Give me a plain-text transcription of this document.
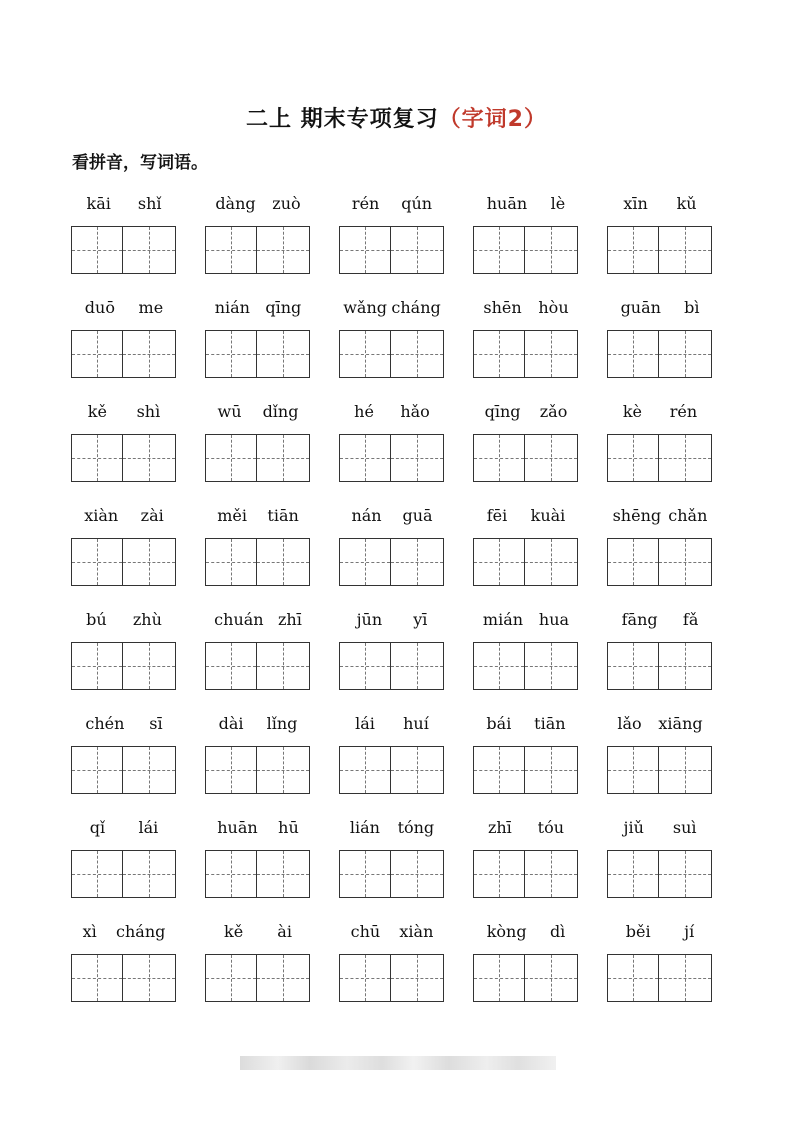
二上 期末专项复习（字词2）
看拼音，写词语。
kāi shǐ	dàng zuò	rén qún	huān lè	xīn kǔ
duō me	nián qīng	wǎng cháng	shēn hòu	guān bì
kě shì	wū dǐng	hé hǎo	qīng zǎo	kè rén
xiàn zài	měi tiān	nán guā	fēi kuài	shēng chǎn
bú zhù	chuán zhī	jūn yī	mián hua	fāng fǎ
chén sī	dài lǐng	lái huí	bái tiān	lǎo xiāng
qǐ lái	huān hū	lián tóng	zhī tóu	jiǔ suì
xì cháng	kě ài	chū xiàn	kòng dì	běi jí
